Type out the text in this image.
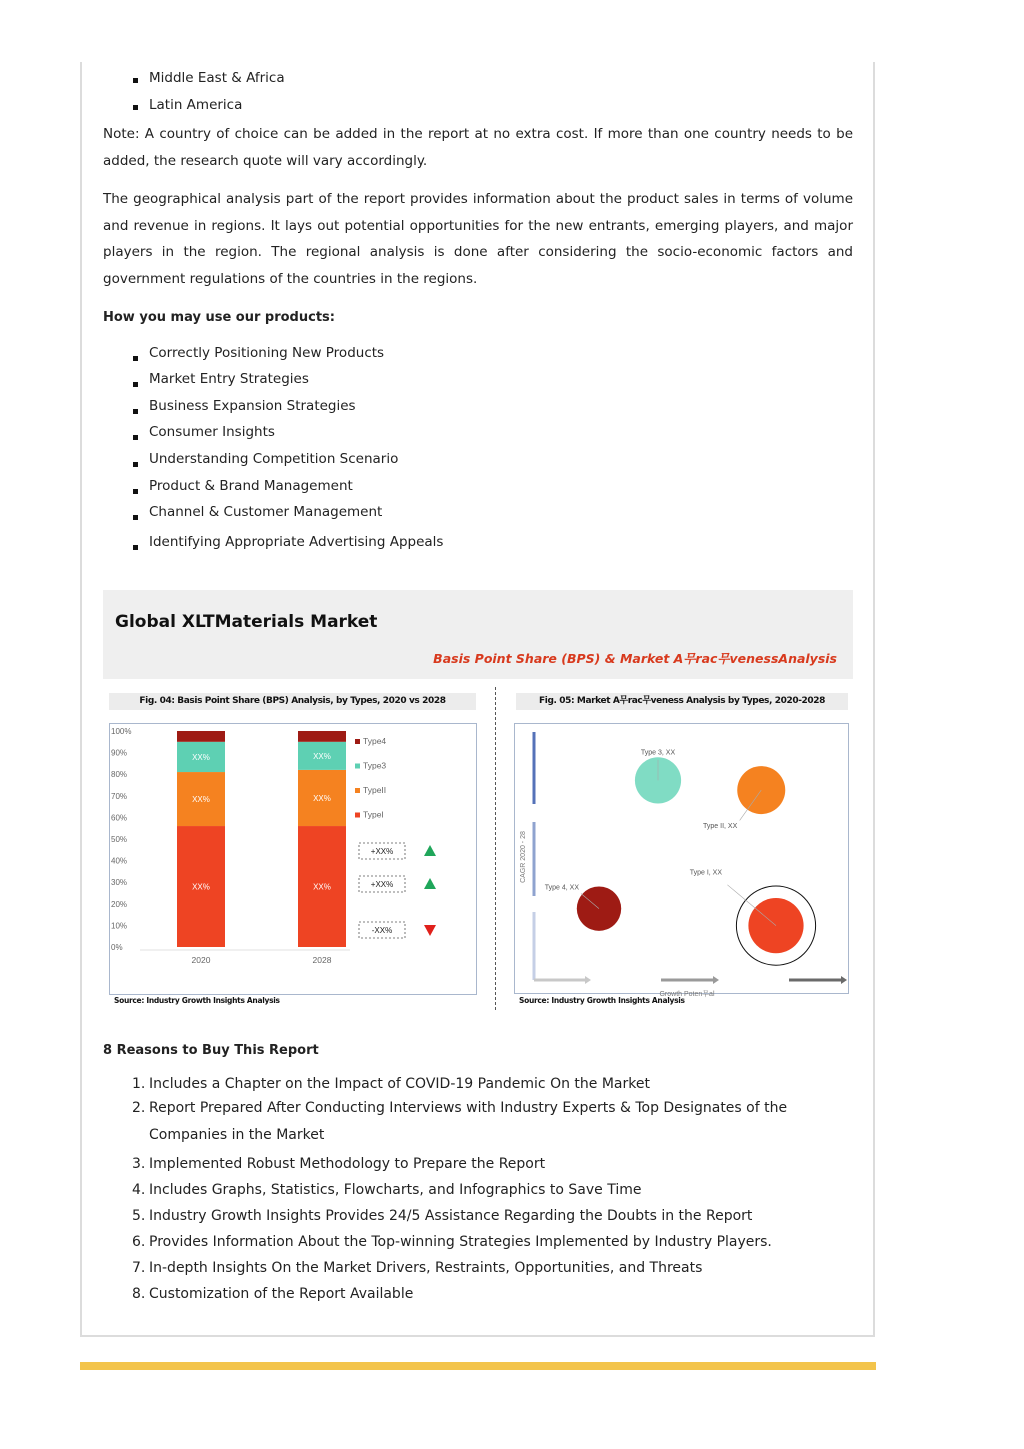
Middle East & Africa
Latin America
Note: A country of choice can be added in the report at no extra cost. If more than one country needs to be added, the research quote will vary accordingly.
The geographical analysis part of the report provides information about the product sales in terms of volume and revenue in regions. It lays out potential opportunities for the new entrants, emerging players, and major players in the region. The regional analysis is done after considering the socio-economic factors and government regulations of the countries in the regions.
How you may use our products:
Correctly Positioning New Products
Market Entry Strategies
Business Expansion Strategies
Consumer Insights
Understanding Competition Scenario
Product & Brand Management
Channel & Customer Management
Identifying Appropriate Advertising Appeals
Global XLTMaterials Market
Basis Point Share (BPS) & Market A무rac무venessAnalysis
Fig. 04: Basis Point Share (BPS) Analysis, by Types, 2020 vs 2028
0%
10%
20%
30%
40%
50%
60%
70%
80%
90%
100%
XX%
XX%
XX%
2020
XX%
XX%
XX%
2028
Type4
Type3
TypeII
TypeI
+XX%
+XX%
-XX%
Source: Industry Growth Insights Analysis
Fig. 05: Market A무rac무veness Analysis by Types, 2020-2028
CAGR 2020 - 28
Growth Poten무al
Type 3, XX
Type II, XX
Type 4, XX
Type I, XX
Source: Industry Growth Insights Analysis
8 Reasons to Buy This Report
1. Includes a Chapter on the Impact of COVID-19 Pandemic On the Market
2. Report Prepared After Conducting Interviews with Industry Experts & Top Designates of the Companies in the Market
3. Implemented Robust Methodology to Prepare the Report
4. Includes Graphs, Statistics, Flowcharts, and Infographics to Save Time
5. Industry Growth Insights Provides 24/5 Assistance Regarding the Doubts in the Report
6. Provides Information About the Top-winning Strategies Implemented by Industry Players.
7. In-depth Insights On the Market Drivers, Restraints, Opportunities, and Threats
8. Customization of the Report Available
